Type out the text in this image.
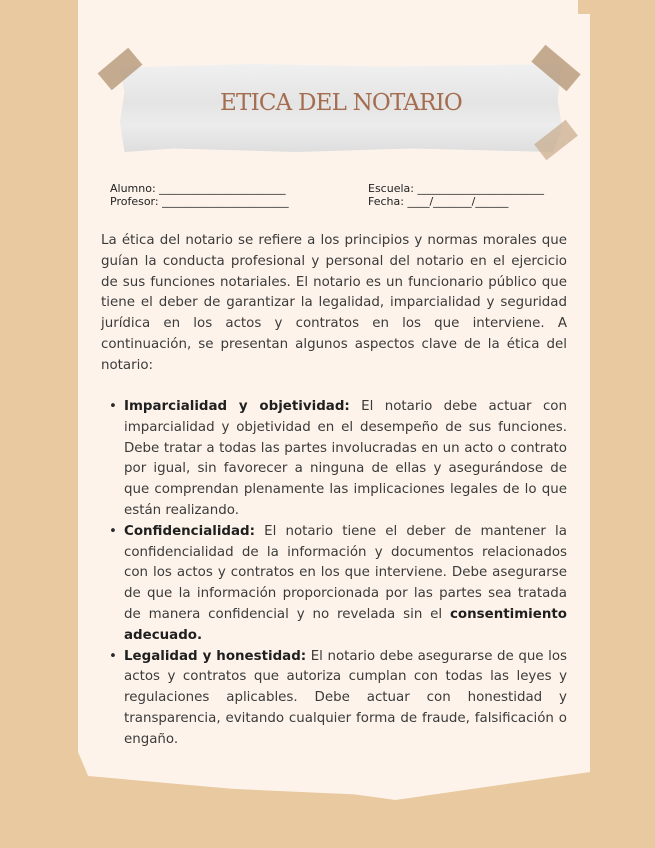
ETICA DEL NOTARIO
Alumno: _______________________
Profesor: _______________________
Escuela: _______________________
Fecha: ____/_______/______

La ética del notario se refiere a los principios y normas morales que guían la conducta profesional y personal del notario en el ejercicio de sus funciones notariales. El notario es un funcionario público que tiene el deber de garantizar la legalidad, imparcialidad y seguridad jurídica en los actos y contratos en los que interviene. A continuación, se presentan algunos aspectos clave de la ética del notario:

• Imparcialidad y objetividad: El notario debe actuar con imparcialidad y objetividad en el desempeño de sus funciones. Debe tratar a todas las partes involucradas en un acto o contrato por igual, sin favorecer a ninguna de ellas y asegurándose de que comprendan plenamente las implicaciones legales de lo que están realizando.
• Confidencialidad: El notario tiene el deber de mantener la confidencialidad de la información y documentos relacionados con los actos y contratos en los que interviene. Debe asegurarse de que la información proporcionada por las partes sea tratada de manera confidencial y no revelada sin el consentimiento adecuado.
• Legalidad y honestidad: El notario debe asegurarse de que los actos y contratos que autoriza cumplan con todas las leyes y regulaciones aplicables. Debe actuar con honestidad y transparencia, evitando cualquier forma de fraude, falsificación o engaño.
